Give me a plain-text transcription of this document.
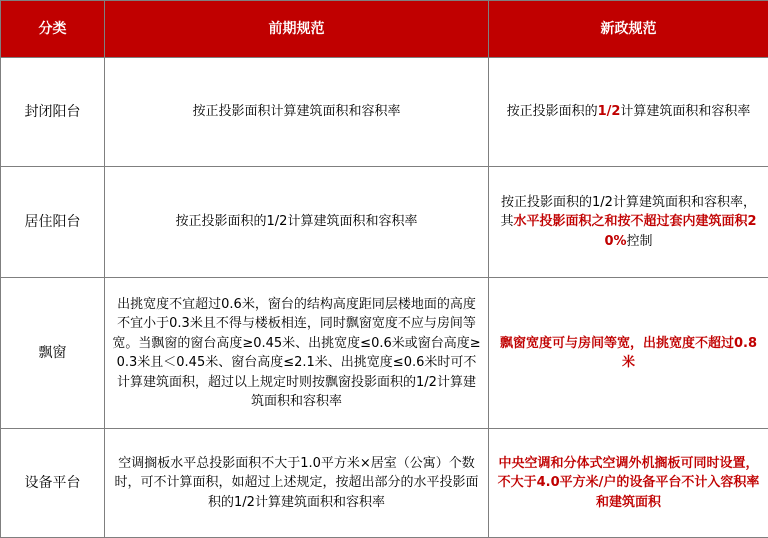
分类	前期规范	新政规范
封闭阳台	按正投影面积计算建筑面积和容积率	按正投影面积的1/2计算建筑面积和容积率
居住阳台	按正投影面积的1/2计算建筑面积和容积率	按正投影面积的1/2计算建筑面积和容积率，其水平投影面积之和按不超过套内建筑面积20%控制
飘窗	出挑宽度不宜超过0.6米，窗台的结构高度距同层楼地面的高度不宜小于0.3米且不得与楼板相连，同时飘窗宽度不应与房间等宽。当飘窗的窗台高度≥0.45米、出挑宽度≤0.6米或窗台高度≥0.3米且＜0.45米、窗台高度≤2.1米、出挑宽度≤0.6米时可不计算建筑面积，超过以上规定时则按飘窗投影面积的1/2计算建筑面积和容积率	飘窗宽度可与房间等宽，出挑宽度不超过0.8米
设备平台	空调搁板水平总投影面积不大于1.0平方米×居室（公寓）个数时，可不计算面积，如超过上述规定，按超出部分的水平投影面积的1/2计算建筑面积和容积率	中央空调和分体式空调外机搁板可同时设置，不大于4.0平方米/户的设备平台不计入容积率和建筑面积
